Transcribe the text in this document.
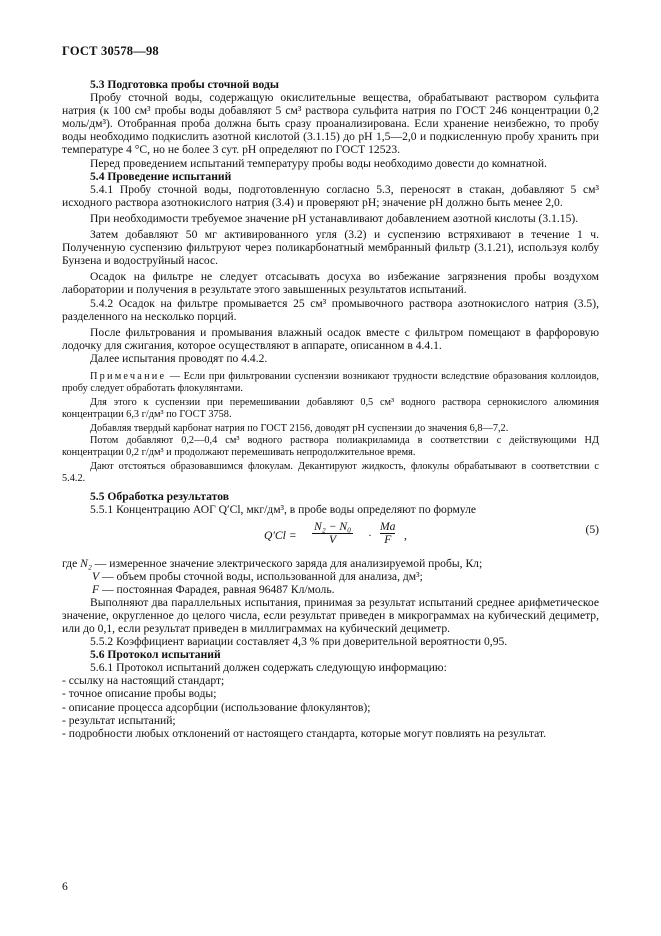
ГОСТ 30578—98
5.3 Подготовка пробы сточной воды

Пробу сточной воды, содержащую окислительные вещества, обрабатывают раствором сульфита натрия (к 100 см³ пробы воды добавляют 5 см³ раствора сульфита натрия по ГОСТ 246 концентрации 0,2 моль/дм³). Отобранная проба должна быть сразу проанализирована. Если хранение неизбежно, то пробу воды необходимо подкислить азотной кислотой (3.1.15) до pH 1,5—2,0 и подкисленную пробу хранить при температуре 4 °C, но не более 3 сут. pH определяют по ГОСТ 12523.

Перед проведением испытаний температуру пробы воды необходимо довести до комнатной.

5.4 Проведение испытаний

5.4.1 Пробу сточной воды, подготовленную согласно 5.3, переносят в стакан, добавляют 5 см³ исходного раствора азотнокислого натрия (3.4) и проверяют pH; значение pH должно быть менее 2,0.

При необходимости требуемое значение pH устанавливают добавлением азотной кислоты (3.1.15).

Затем добавляют 50 мг активированного угля (3.2) и суспензию встряхивают в течение 1 ч. Полученную суспензию фильтруют через поликарбонатный мембранный фильтр (3.1.21), используя колбу Бунзена и водоструйный насос.

Осадок на фильтре не следует отсасывать досуха во избежание загрязнения пробы воздухом лаборатории и получения в результате этого завышенных результатов испытаний.

5.4.2 Осадок на фильтре промывается 25 см³ промывочного раствора азотнокислого натрия (3.5), разделенного на несколько порций.

После фильтрования и промывания влажный осадок вместе с фильтром помещают в фарфоровую лодочку для сжигания, которое осуществляют в аппарате, описанном в 4.4.1.

Далее испытания проводят по 4.4.2.

Примечание — Если при фильтровании суспензии возникают трудности вследствие образования коллоидов, пробу следует обработать флокулянтами.

Для этого к суспензии при перемешивании добавляют 0,5 см³ водного раствора сернокислого алюминия концентрации 6,3 г/дм³ по ГОСТ 3758.

Добавляя твердый карбонат натрия по ГОСТ 2156, доводят pH суспензии до значения 6,8—7,2.

Потом добавляют 0,2—0,4 см³ водного раствора полиакриламида в соответствии с действующими НД концентрации 0,2 г/дм³ и продолжают перемешивать непродолжительное время.

Дают отстояться образовавшимся флокулам. Декантируют жидкость, флокулы обрабатывают в соответствии с 5.4.2.

5.5 Обработка результатов

5.5.1 Концентрацию АОГ Q′Cl, мкг/дм³, в пробе воды определяют по формуле

$Q'Cl = \frac{\text{N₂ − N₀}}{V} \cdot \frac{Ma}{F}$ ,	(5)

где N₂ — измеренное значение электрического заряда для анализируемой пробы, Кл;

V — объем пробы сточной воды, использованной для анализа, дм³;

F — постоянная Фарадея, равная 96487 Кл/моль.

Выполняют два параллельных испытания, принимая за результат испытаний среднее арифметическое значение, округленное до целого числа, если результат приведен в микрограммах на кубический дециметр, или до 0,1, если результат приведен в миллиграммах на кубический дециметр.

5.5.2 Коэффициент вариации составляет 4,3 % при доверительной вероятности 0,95.

5.6 Протокол испытаний

5.6.1 Протокол испытаний должен содержать следующую информацию:

- ссылку на настоящий стандарт;

- точное описание пробы воды;

- описание процесса адсорбции (использование флокулянтов);

- результат испытаний;

- подробности любых отклонений от настоящего стандарта, которые могут повлиять на результат.

6
